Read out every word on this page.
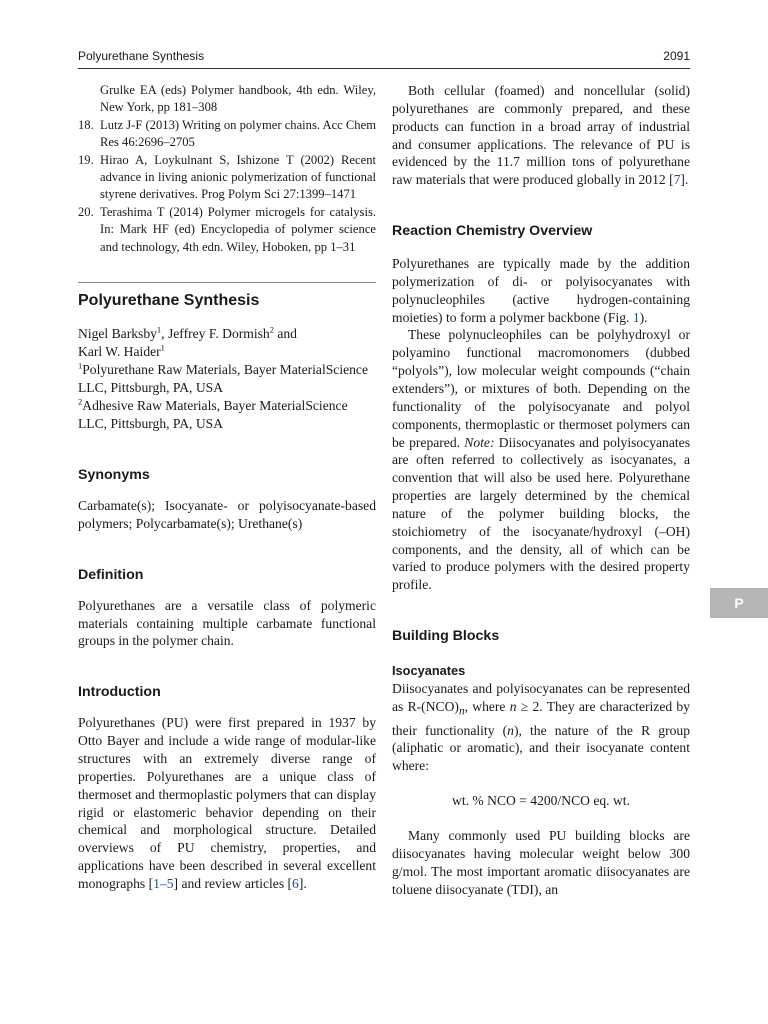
Polyurethane Synthesis	2091
Grulke EA (eds) Polymer handbook, 4th edn. Wiley, New York, pp 181–308
18. Lutz J-F (2013) Writing on polymer chains. Acc Chem Res 46:2696–2705
19. Hirao A, Loykulnant S, Ishizone T (2002) Recent advance in living anionic polymerization of functional styrene derivatives. Prog Polym Sci 27:1399–1471
20. Terashima T (2014) Polymer microgels for catalysis. In: Mark HF (ed) Encyclopedia of polymer science and technology, 4th edn. Wiley, Hoboken, pp 1–31
Polyurethane Synthesis
Nigel Barksby$^1$, Jeffrey F. Dormish$^2$ and
Karl W. Haider$^1$
$^1$Polyurethane Raw Materials, Bayer MaterialScience LLC, Pittsburgh, PA, USA
$^2$Adhesive Raw Materials, Bayer MaterialScience LLC, Pittsburgh, PA, USA
Synonyms

Carbamate(s); Isocyanate- or polyisocyanate-based polymers; Polycarbamate(s); Urethane(s)

Definition

Polyurethanes are a versatile class of polymeric materials containing multiple carbamate functional groups in the polymer chain.

Introduction

Polyurethanes (PU) were first prepared in 1937 by Otto Bayer and include a wide range of modular-like structures with an extremely diverse range of properties. Polyurethanes are a unique class of thermoset and thermoplastic polymers that can display rigid or elastomeric behavior depending on their chemical and morphological structure. Detailed overviews of PU chemistry, properties, and applications have been described in several excellent monographs [1–5] and review articles [6].

Both cellular (foamed) and noncellular (solid) polyurethanes are commonly prepared, and these products can function in a broad array of industrial and consumer applications. The relevance of PU is evidenced by the 11.7 million tons of polyurethane raw materials that were produced globally in 2012 [7].

Reaction Chemistry Overview

Polyurethanes are typically made by the addition polymerization of di- or polyisocyanates with polynucleophiles (active hydrogen-containing moieties) to form a polymer backbone (Fig. 1).

These polynucleophiles can be polyhydroxyl or polyamino functional macromonomers (dubbed “polyols”), low molecular weight compounds (“chain extenders”), or mixtures of both. Depending on the functionality of the polyisocyanate and polyol components, thermoplastic or thermoset polymers can be prepared. Note: Diisocyanates and polyisocyanates are often referred to collectively as isocyanates, a convention that will also be used here. Polyurethane properties are largely determined by the chemical nature of the polymer building blocks, the stoichiometry of the isocyanate/hydroxyl (–OH) components, and the density, all of which can be varied to produce polymers with the desired property profile.

Building Blocks
Isocyanates

Diisocyanates and polyisocyanates can be represented as $R-(NCO)_n$, where n ≥ 2. They are characterized by their functionality (n), the nature of the R group (aliphatic or aromatic), and their isocyanate content where:

wt. % NCO = 4200/NCO eq. wt.

Many commonly used PU building blocks are diisocyanates having molecular weight below 300 g/mol. The most important aromatic diisocyanates are toluene diisocyanate (TDI), an

P
